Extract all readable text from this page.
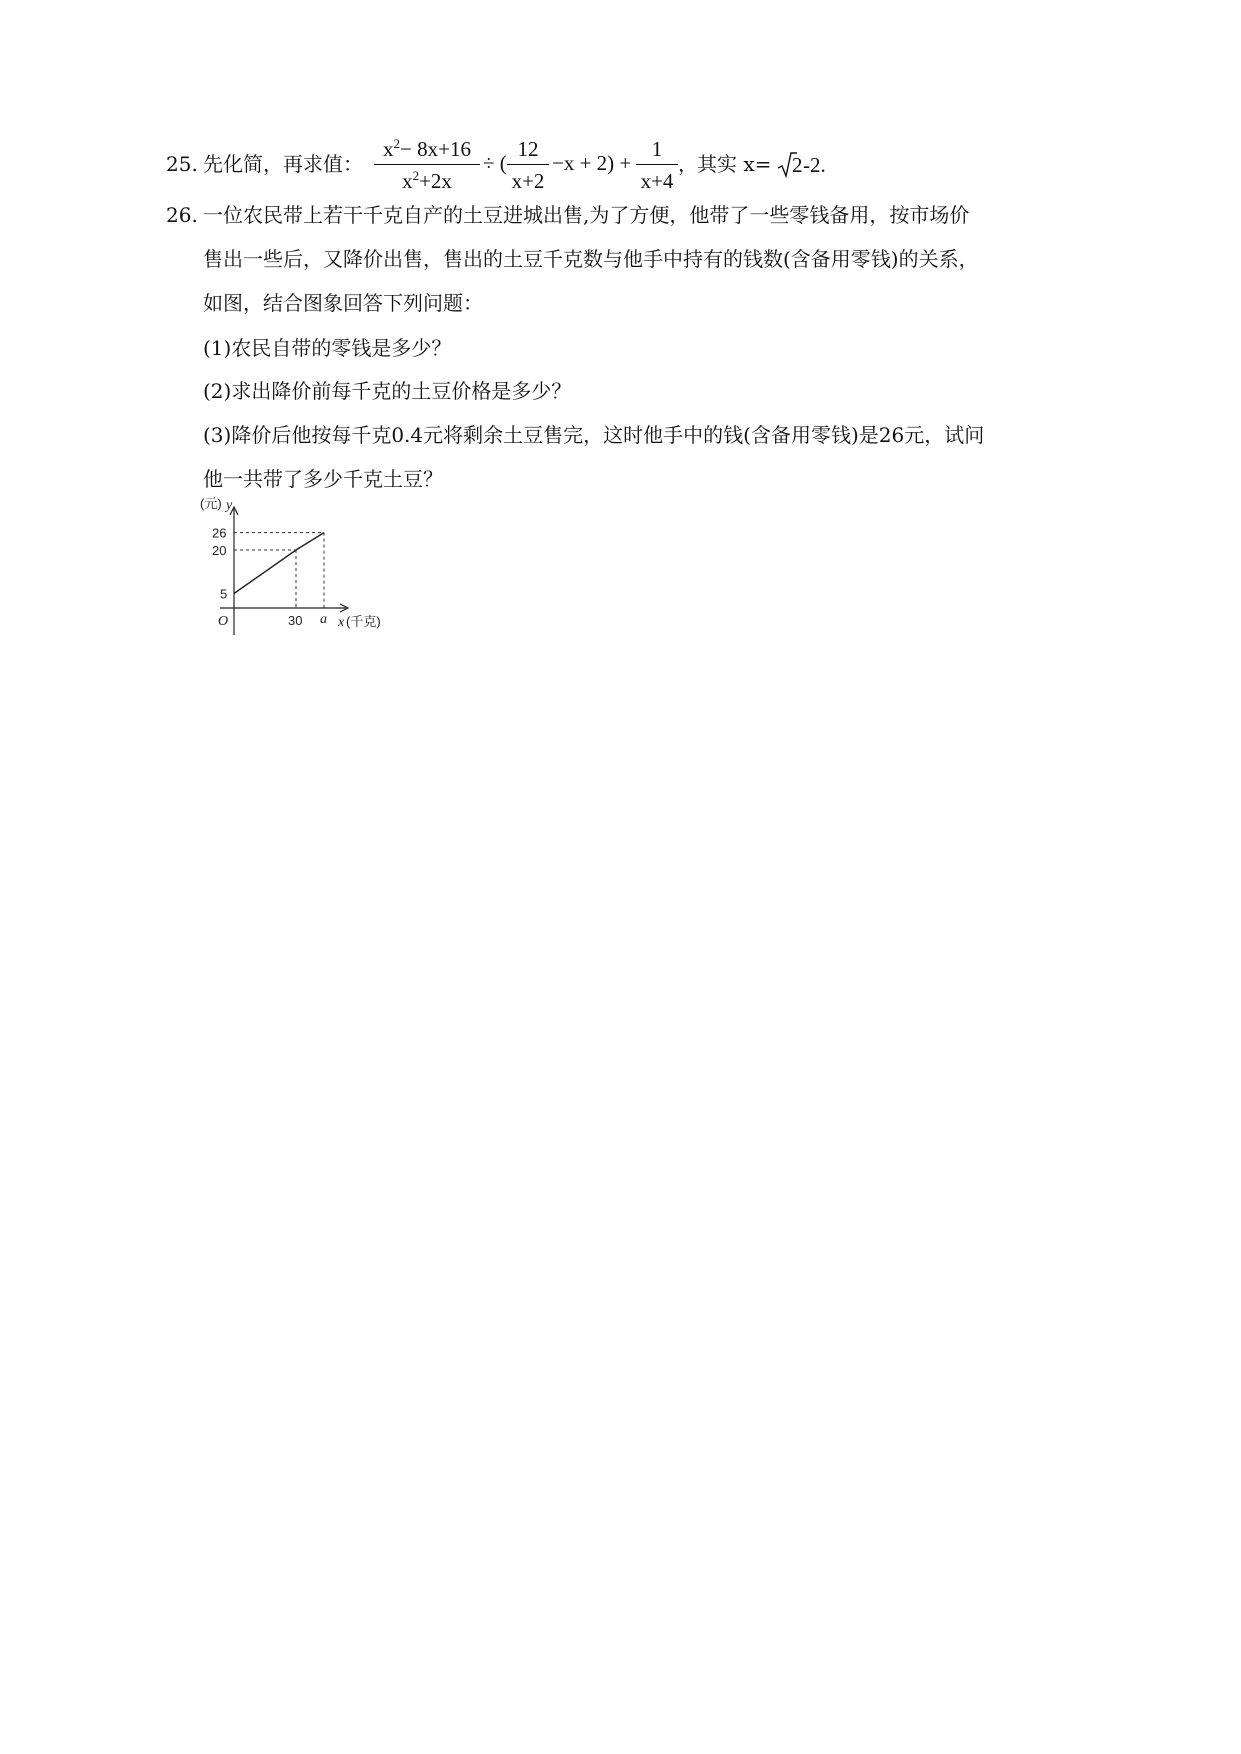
25. 先化简，再求值：
$x^2- 8x+16$
$x^2+2x$
÷ (
12
x+2
−x + 2) +
1
x+4
， 其实 x= 2 -2.
26. 一位农民带上若干千克自产的土豆进城出售,为了方便，他带了一些零钱备用，按市场价
售出一些后，又降价出售，售出的土豆千克数与他手中持有的钱数(含备用零钱)的关系，
如图，结合图象回答下列问题：
(1)农民自带的零钱是多少？
(2)求出降价前每千克的土豆价格是多少？
(3)降价后他按每千克0.4元将剩余土豆售完，这时他手中的钱(含备用零钱)是26元，试问
他一共带了多少千克土豆？
(元) y
26
20
5
O	30 a x (千克)
